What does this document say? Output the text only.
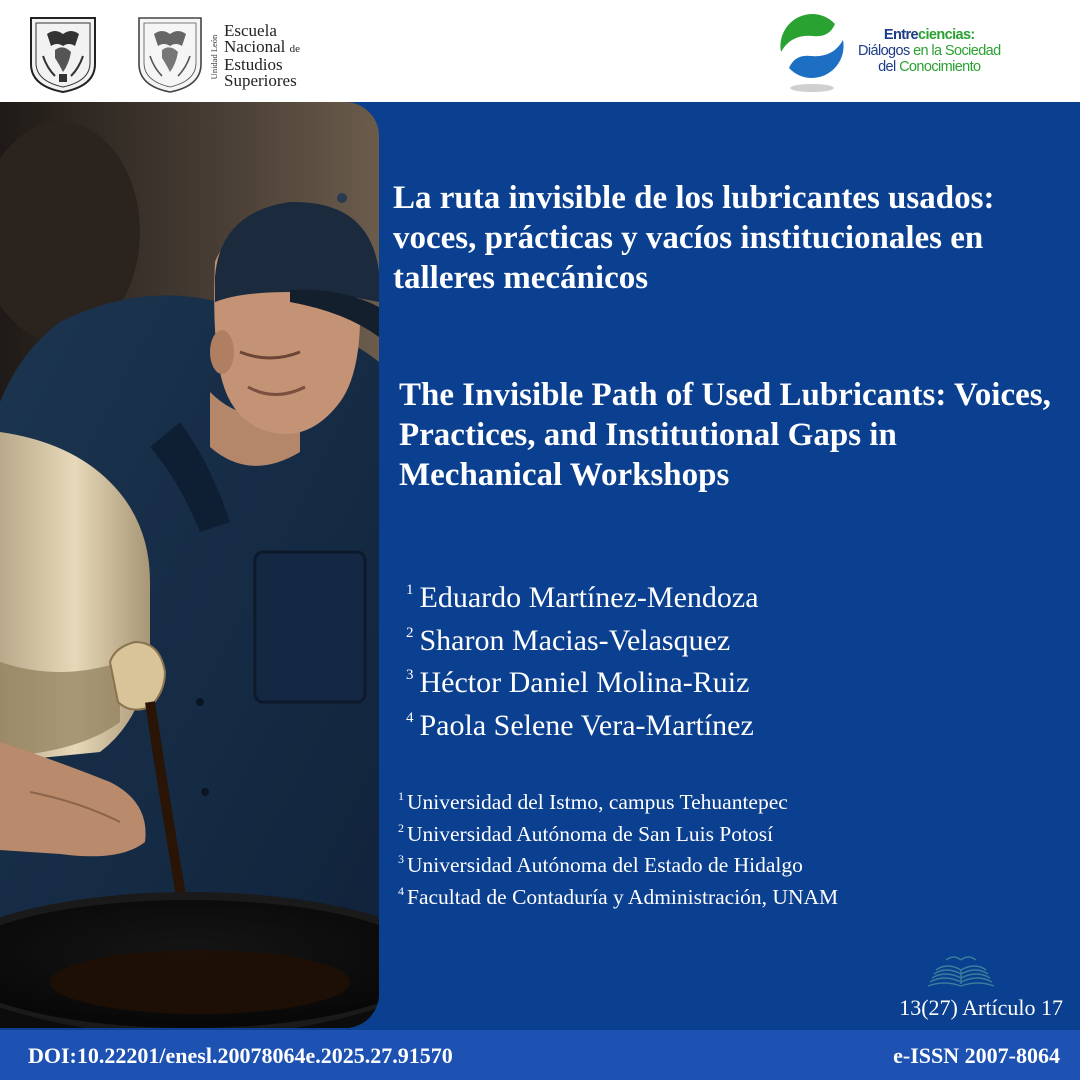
Unidad León
Escuela
Nacional de
Estudios
Superiores
Entreciencias:
Diálogos en la Sociedad
del Conocimiento
La ruta invisible de los lubricantes usados: voces, prácticas y vacíos institucionales en talleres mecánicos
The Invisible Path of Used Lubricants: Voices, Practices, and Institutional Gaps in Mechanical Workshops
$^1$ Eduardo Martínez-Mendoza
$^2$ Sharon Macias-Velasquez
$^3$ Héctor Daniel Molina-Ruiz
$^4$ Paola Selene Vera-Martínez
$^1$ Universidad del Istmo, campus Tehuantepec
$^2$ Universidad Autónoma de San Luis Potosí
$^3$ Universidad Autónoma del Estado de Hidalgo
$^4$ Facultad de Contaduría y Administración, UNAM
13(27) Artículo 17
DOI:10.22201/enesl.20078064e.2025.27.91570	e-ISSN 2007-8064
